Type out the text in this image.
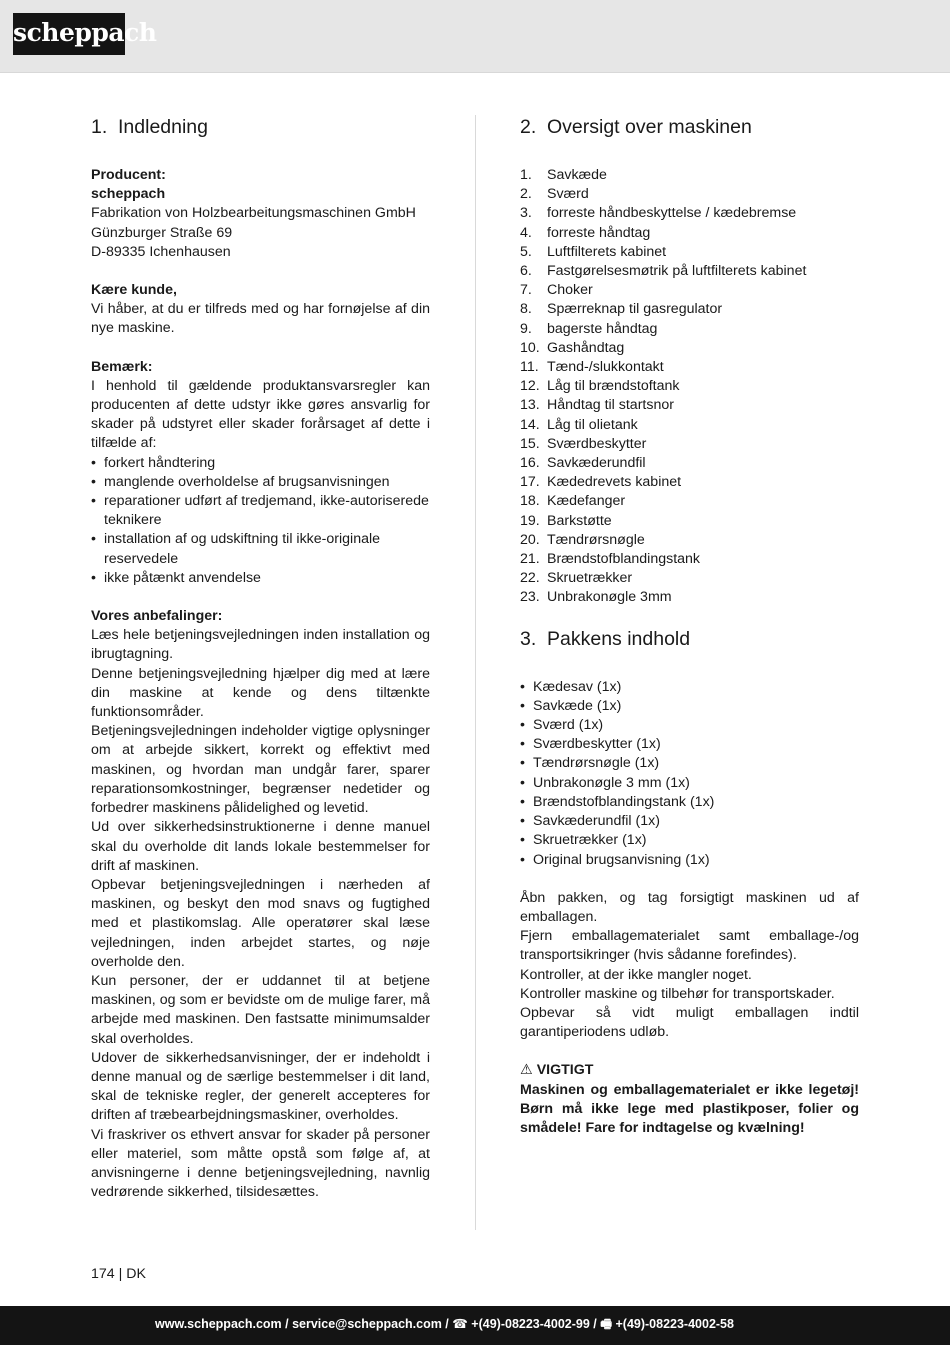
scheppach
1. Indledning

Producent:

scheppach

Fabrikation von Holzbearbeitungsmaschinen GmbH

Günzburger Straße 69

D-89335 Ichenhausen

Kære kunde,

Vi håber, at du er tilfreds med og har fornøjelse af din nye maskine.

Bemærk:

I henhold til gældende produktansvarsregler kan producenten af dette udstyr ikke gøres ansvarlig for skader på udstyret eller skader forårsaget af dette i tilfælde af:

• forkert håndtering
• manglende overholdelse af brugsanvisningen
• reparationer udført af tredjemand, ikke-autoriserede teknikere
• installation af og udskiftning til ikke-originale reservedele
• ikke påtænkt anvendelse

Vores anbefalinger:

Læs hele betjeningsvejledningen inden installation og ibrugtagning.

Denne betjeningsvejledning hjælper dig med at lære din maskine at kende og dens tiltænkte funktionsområder.

Betjeningsvejledningen indeholder vigtige oplysninger om at arbejde sikkert, korrekt og effektivt med maskinen, og hvordan man undgår farer, sparer reparationsomkostninger, begrænser nedetider og forbedrer maskinens pålidelighed og levetid.

Ud over sikkerhedsinstruktionerne i denne manuel skal du overholde dit lands lokale bestemmelser for drift af maskinen.

Opbevar betjeningsvejledningen i nærheden af maskinen, og beskyt den mod snavs og fugtighed med et plastikomslag. Alle operatører skal læse vejledningen, inden arbejdet startes, og nøje overholde den.

Kun personer, der er uddannet til at betjene maskinen, og som er bevidste om de mulige farer, må arbejde med maskinen. Den fastsatte minimumsalder skal overholdes.

Udover de sikkerhedsanvisninger, der er indeholdt i denne manual og de særlige bestemmelser i dit land, skal de tekniske regler, der generelt accepteres for driften af træbearbejdningsmaskiner, overholdes.

Vi fraskriver os ethvert ansvar for skader på personer eller materiel, som måtte opstå som følge af, at anvisningerne i denne betjeningsvejledning, navnlig vedrørende sikkerhed, tilsidesættes.

2. Oversigt over maskinen
1. Savkæde
2. Sværd
3. forreste håndbeskyttelse / kædebremse
4. forreste håndtag
5. Luftfilterets kabinet
6. Fastgørelsesmøtrik på luftfilterets kabinet
7. Choker
8. Spærreknap til gasregulator
9. bagerste håndtag
10. Gashåndtag
11. Tænd-/slukkontakt
12. Låg til brændstoftank
13. Håndtag til startsnor
14. Låg til olietank
15. Sværdbeskytter
16. Savkæderundfil
17. Kædedrevets kabinet
18. Kædefanger
19. Barkstøtte
20. Tændrørsnøgle
21. Brændstofblandingstank
22. Skruetrækker
23. Unbrakonøgle 3mm
3. Pakkens indhold
• Kædesav (1x)
• Savkæde (1x)
• Sværd (1x)
• Sværdbeskytter (1x)
• Tændrørsnøgle (1x)
• Unbrakonøgle 3 mm (1x)
• Brændstofblandingstank (1x)
• Savkæderundfil (1x)
• Skruetrækker (1x)
• Original brugsanvisning (1x)

Åbn pakken, og tag forsigtigt maskinen ud af emballagen.

Fjern emballagematerialet samt emballage-/og transportsikringer (hvis sådanne forefindes).

Kontroller, at der ikke mangler noget.

Kontroller maskine og tilbehør for transportskader.

Opbevar så vidt muligt emballagen indtil garantiperiodens udløb.

⚠ VIGTIGT

Maskinen og emballagematerialet er ikke legetøj! Børn må ikke lege med plastikposer, folier og smådele! Fare for indtagelse og kvælning!

174 | DK
www.scheppach.com / service@scheppach.com / ☎ +(49)-08223-4002-99 / 🖷 +(49)-08223-4002-58
